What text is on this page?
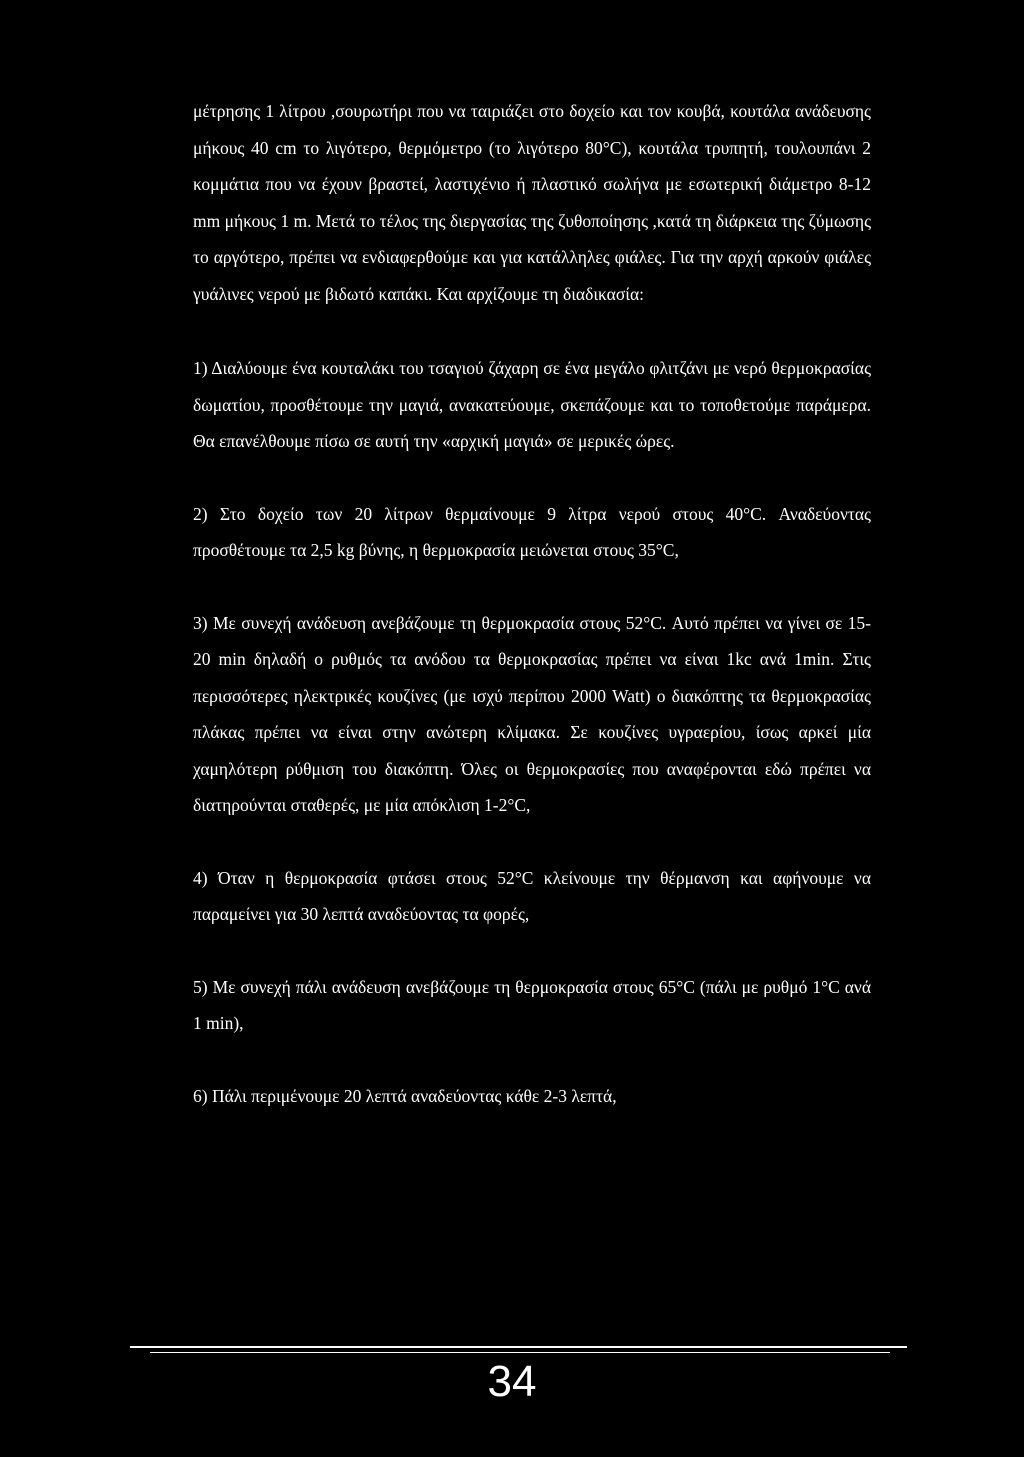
μέτρησης 1 λίτρου ,σουρωτήρι που να ταιριάζει στο δοχείο και τον κουβά, κουτάλα ανάδευσης μήκους 40 cm το λιγότερο, θερμόμετρο (το λιγότερο 80°C), κουτάλα τρυπητή, τουλουπάνι 2 κομμάτια που να έχουν βραστεί, λαστιχένιο ή πλαστικό σωλήνα με εσωτερική διάμετρο 8-12 mm μήκους 1 m. Μετά το τέλος της διεργασίας της ζυθοποίησης ,κατά τη διάρκεια της ζύμωσης το αργότερο, πρέπει να ενδιαφερθούμε και για κατάλληλες φιάλες. Για την αρχή αρκούν φιάλες γυάλινες νερού με βιδωτό καπάκι. Και αρχίζουμε τη διαδικασία:

1) Διαλύουμε ένα κουταλάκι του τσαγιού ζάχαρη σε ένα μεγάλο φλιτζάνι με νερό θερμοκρασίας δωματίου, προσθέτουμε την μαγιά, ανακατεύουμε, σκεπάζουμε και το τοποθετούμε παράμερα. Θα επανέλθουμε πίσω σε αυτή την «αρχική μαγιά» σε μερικές ώρες.

2) Στο δοχείο των 20 λίτρων θερμαίνουμε 9 λίτρα νερού στους 40°C. Αναδεύοντας προσθέτουμε τα 2,5 kg βύνης, η θερμοκρασία μειώνεται στους 35°C,

3) Με συνεχή ανάδευση ανεβάζουμε τη θερμοκρασία στους 52°C. Αυτό πρέπει να γίνει σε 15-20 min δηλαδή ο ρυθμός τα ανόδου τα θερμοκρασίας πρέπει να είναι 1kc ανά 1min. Στις περισσότερες ηλεκτρικές κουζίνες (με ισχύ περίπου 2000 Watt) ο διακόπτης τα θερμοκρασίας πλάκας πρέπει να είναι στην ανώτερη κλίμακα. Σε κουζίνες υγραερίου, ίσως αρκεί μία χαμηλότερη ρύθμιση του διακόπτη. Όλες οι θερμοκρασίες που αναφέρονται εδώ πρέπει να διατηρούνται σταθερές, με μία απόκλιση 1-2°C,

4) Όταν η θερμοκρασία φτάσει στους 52°C κλείνουμε την θέρμανση και αφήνουμε να παραμείνει για 30 λεπτά αναδεύοντας τα φορές,

5) Με συνεχή πάλι ανάδευση ανεβάζουμε τη θερμοκρασία στους 65°C (πάλι με ρυθμό 1°C ανά 1 min),

6) Πάλι περιμένουμε 20 λεπτά αναδεύοντας κάθε 2-3 λεπτά,

34
